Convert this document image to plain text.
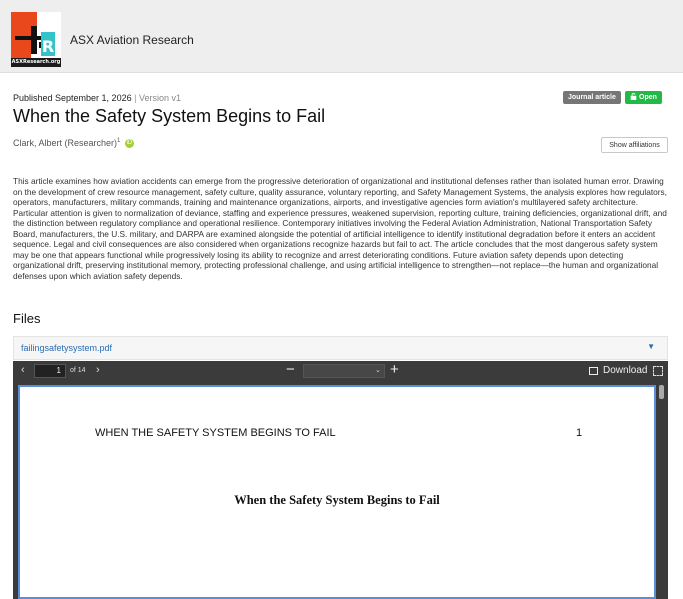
R
ASXResearch.org
ASX Aviation Research
Published September 1, 2026 | Version v1	Journal article	Open
When the Safety System Begins to Fail
Clark, Albert (Researcher)$^1$ iD	Show affiliations

This article examines how aviation accidents can emerge from the progressive deterioration of organizational and institutional defenses rather than isolated human error. Drawing on the development of crew resource management, safety culture, quality assurance, voluntary reporting, and Safety Management Systems, the analysis explores how regulators, operators, manufacturers, military commands, training and maintenance organizations, airports, and investigative agencies form aviation's multilayered safety architecture. Particular attention is given to normalization of deviance, staffing and experience pressures, weakened supervision, reporting culture, training deficiencies, organizational drift, and the distinction between regulatory compliance and operational resilience. Contemporary initiatives involving the Federal Aviation Administration, National Transportation Safety Board, manufacturers, the U.S. military, and DARPA are examined alongside the potential of artificial intelligence to identify institutional degradation before it enters an accident sequence. Legal and civil consequences are also considered when organizations recognize hazards but fail to act. The article concludes that the most dangerous safety system may be one that appears functional while progressively losing its ability to recognize and arrest deteriorating conditions. Future aviation safety depends upon detecting organizational drift, preserving institutional memory, protecting professional challenge, and using artificial intelligence to strengthen—not replace—the human and organizational defenses upon which aviation safety depends.

Files
failingsafetysystem.pdf	▼
‹	1	of 14 ›	−	⌄ +	Download
WHEN THE SAFETY SYSTEM BEGINS TO FAIL	1
When the Safety System Begins to Fail
